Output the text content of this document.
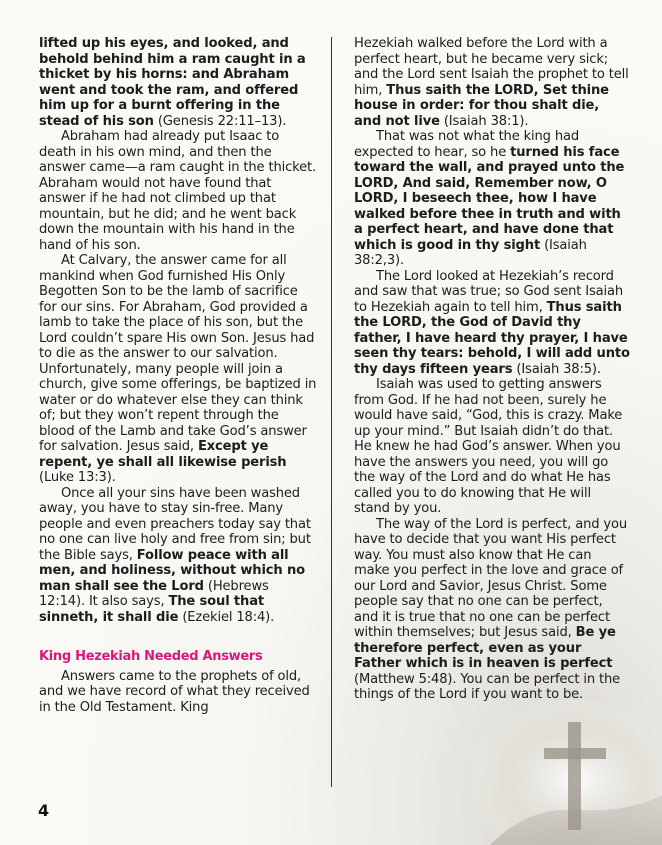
lifted up his eyes, and looked, and behold behind him a ram caught in a thicket by his horns: and Abraham went and took the ram, and offered him up for a burnt offering in the stead of his son (Genesis 22:11–13).

Abraham had already put Isaac to death in his own mind, and then the answer came—a ram caught in the thicket. Abraham would not have found that answer if he had not climbed up that mountain, but he did; and he went back down the mountain with his hand in the hand of his son.

At Calvary, the answer came for all mankind when God furnished His Only Begotten Son to be the lamb of sacrifice for our sins. For Abraham, God provided a lamb to take the place of his son, but the Lord couldn’t spare His own Son. Jesus had to die as the answer to our salvation. Unfortunately, many people will join a church, give some offerings, be baptized in water or do whatever else they can think of; but they won’t repent through the blood of the Lamb and take God’s answer for salvation. Jesus said, Except ye repent, ye shall all likewise perish (Luke 13:3).

Once all your sins have been washed away, you have to stay sin-free. Many people and even preachers today say that no one can live holy and free from sin; but the Bible says, Follow peace with all men, and holiness, without which no man shall see the Lord (Hebrews 12:14). It also says, The soul that sinneth, it shall die (Ezekiel 18:4).

King Hezekiah Needed Answers

Answers came to the prophets of old, and we have record of what they received in the Old Testament. King

Hezekiah walked before the Lord with a perfect heart, but he became very sick; and the Lord sent Isaiah the prophet to tell him, Thus saith the LORD, Set thine house in order: for thou shalt die, and not live (Isaiah 38:1).

That was not what the king had expected to hear, so he turned his face toward the wall, and prayed unto the LORD, And said, Remember now, O LORD, I beseech thee, how I have walked before thee in truth and with a perfect heart, and have done that which is good in thy sight (Isaiah 38:2,3).

The Lord looked at Hezekiah’s record and saw that was true; so God sent Isaiah to Hezekiah again to tell him, Thus saith the LORD, the God of David thy father, I have heard thy prayer, I have seen thy tears: behold, I will add unto thy days fifteen years (Isaiah 38:5).

Isaiah was used to getting answers from God. If he had not been, surely he would have said, “God, this is crazy. Make up your mind.” But Isaiah didn’t do that. He knew he had God’s answer. When you have the answers you need, you will go the way of the Lord and do what He has called you to do knowing that He will stand by you.

The way of the Lord is perfect, and you have to decide that you want His perfect way. You must also know that He can make you perfect in the love and grace of our Lord and Savior, Jesus Christ. Some people say that no one can be perfect, and it is true that no one can be perfect within themselves; but Jesus said, Be ye therefore perfect, even as your Father which is in heaven is perfect (Matthew 5:48). You can be perfect in the things of the Lord if you want to be.

4
